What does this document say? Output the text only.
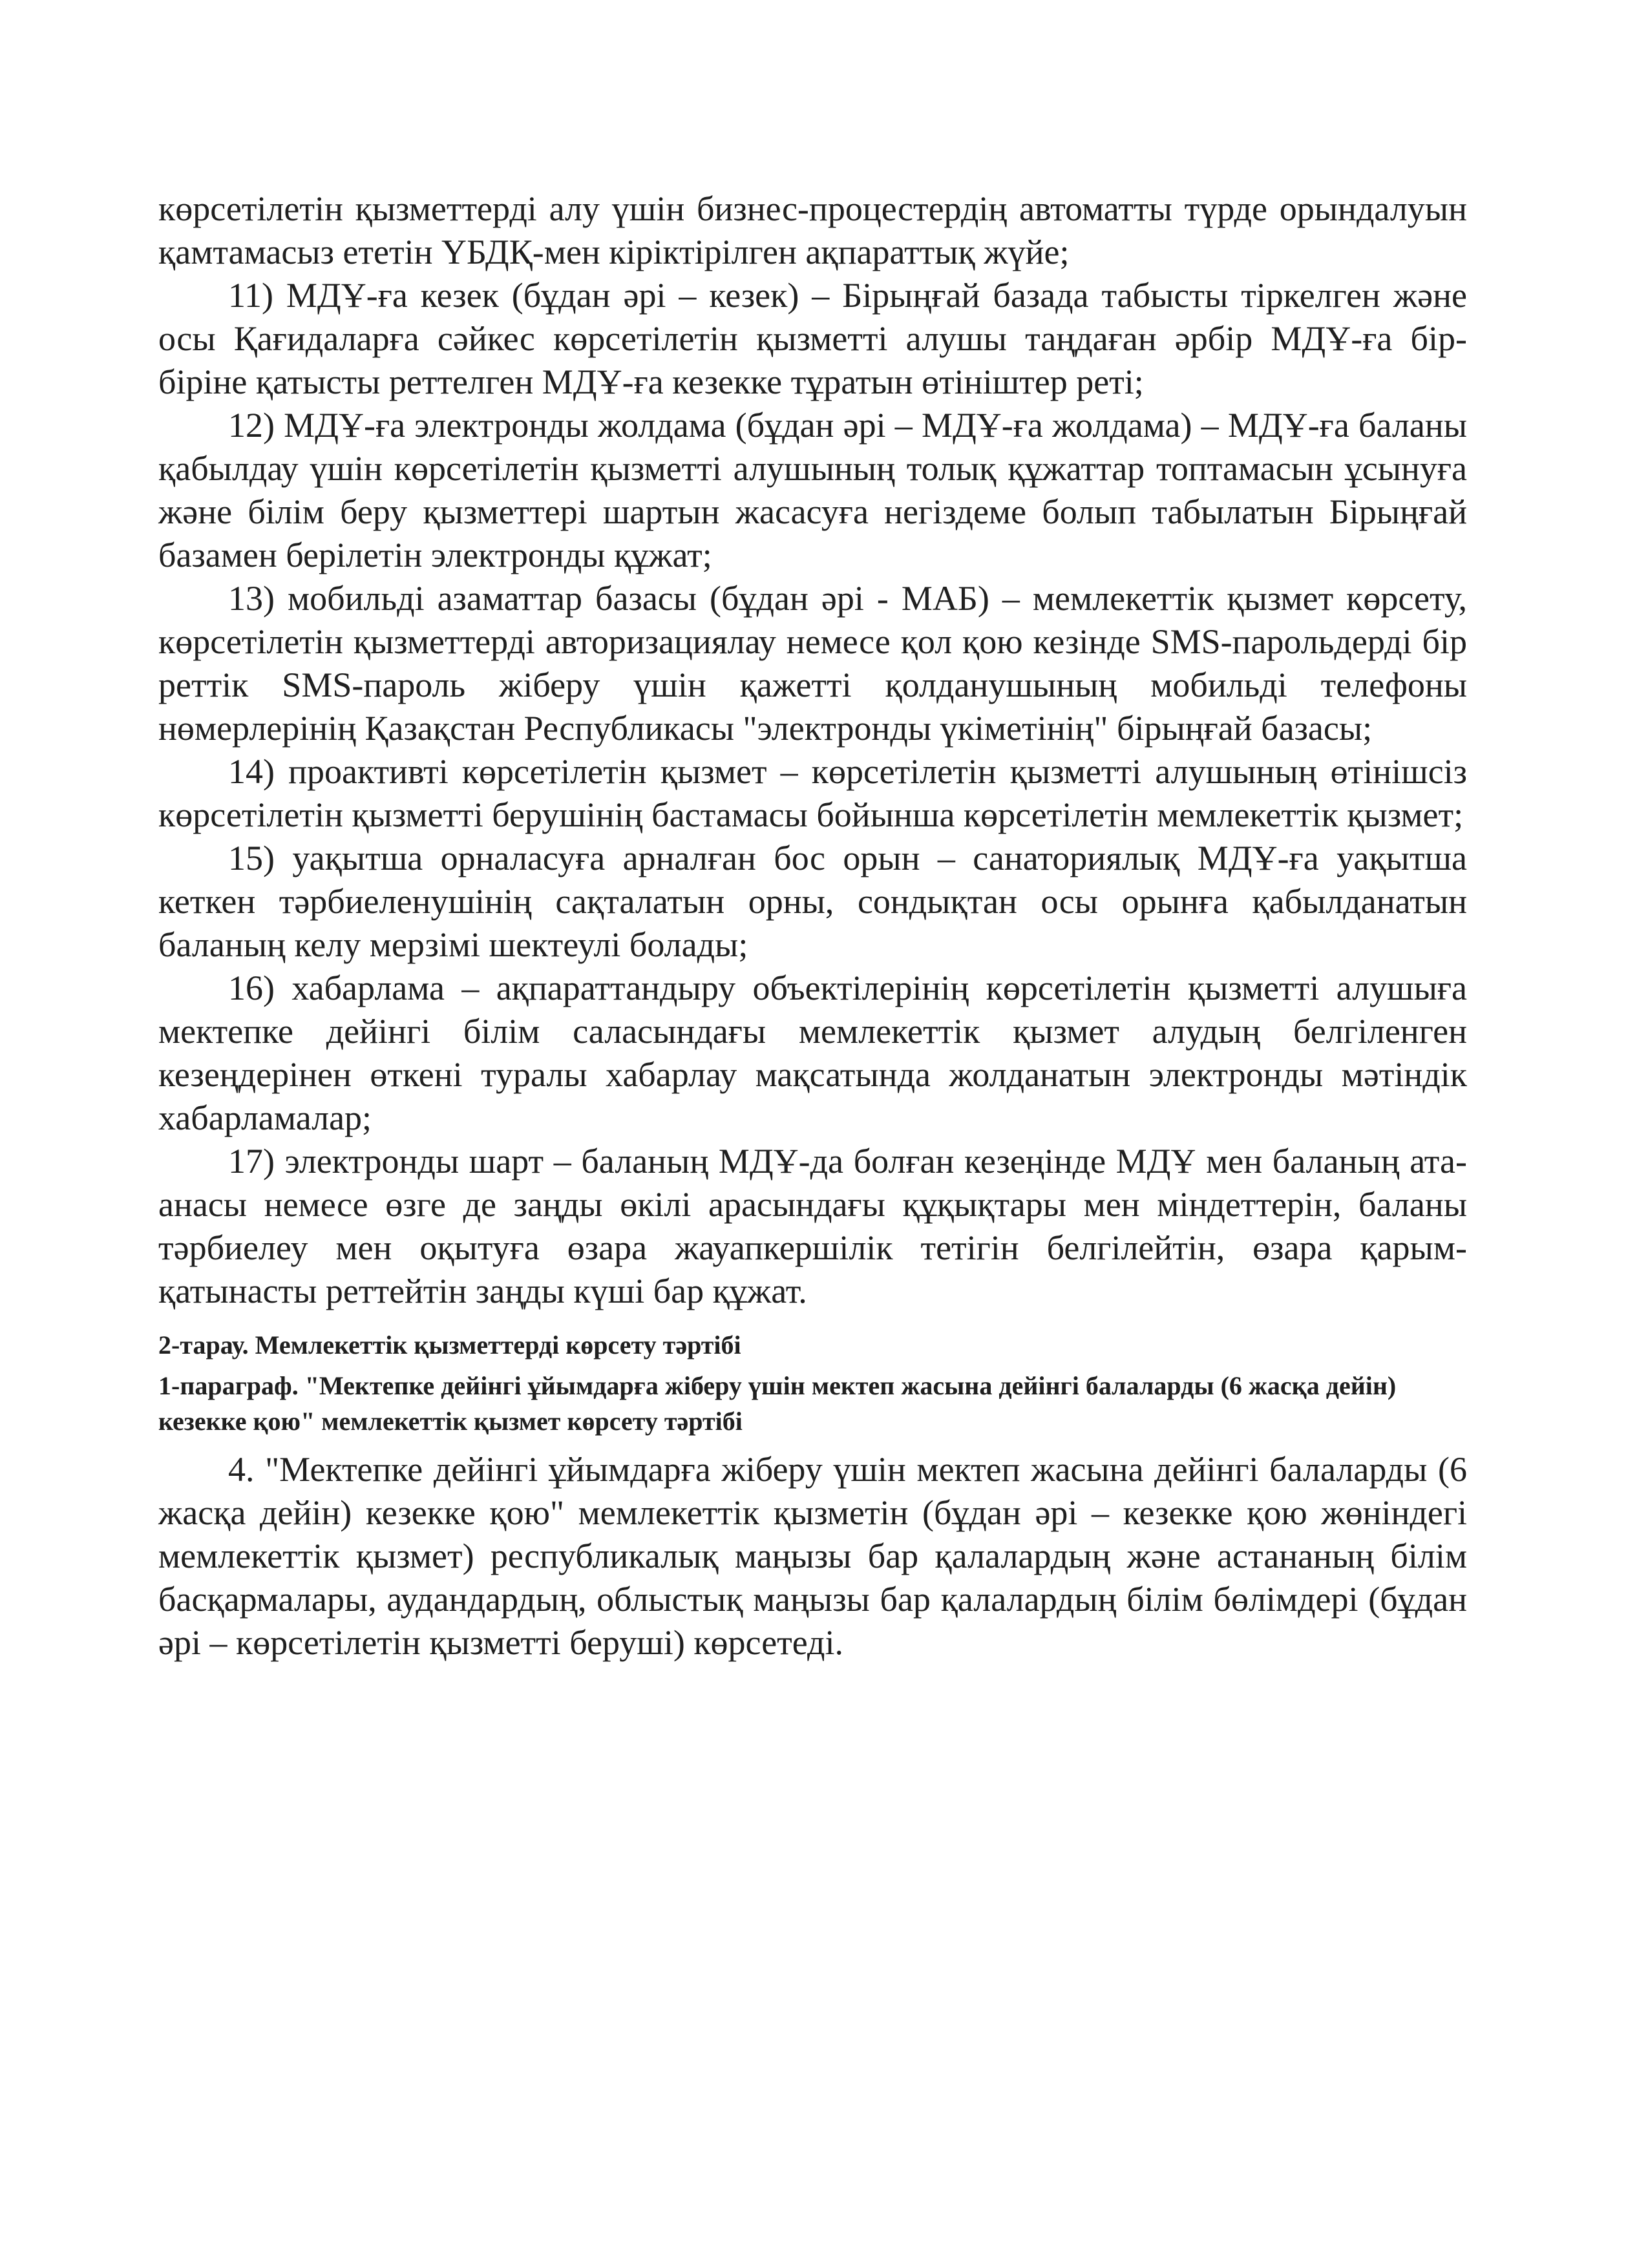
көрсетілетін қызметтерді алу үшін бизнес-процестердің автоматты түрде орындалуын қамтамасыз ететін ҮБДҚ-мен кіріктірілген ақпараттық жүйе;

11) МДҰ-ға кезек (бұдан әрі – кезек) – Бірыңғай базада табысты тіркелген және осы Қағидаларға сәйкес көрсетілетін қызметті алушы таңдаған әрбір МДҰ-ға бір-біріне қатысты реттелген МДҰ-ға кезекке тұратын өтініштер реті;

12) МДҰ-ға электронды жолдама (бұдан әрі – МДҰ-ға жолдама) – МДҰ-ға баланы қабылдау үшін көрсетілетін қызметті алушының толық құжаттар топтамасын ұсынуға және білім беру қызметтері шартын жасасуға негіздеме болып табылатын Бірыңғай базамен берілетін электронды құжат;

13) мобильді азаматтар базасы (бұдан әрі - МАБ) – мемлекеттік қызмет көрсету, көрсетілетін қызметтерді авторизациялау немесе қол қою кезінде SMS-парольдерді бір реттік SMS-пароль жіберу үшін қажетті қолданушының мобильді телефоны нөмерлерінің Қазақстан Республикасы "электронды үкіметінің" бірыңғай базасы;

14) проактивті көрсетілетін қызмет – көрсетілетін қызметті алушының өтінішсіз көрсетілетін қызметті берушінің бастамасы бойынша көрсетілетін мемлекеттік қызмет;

15) уақытша орналасуға арналған бос орын – санаториялық МДҰ-ға уақытша кеткен тәрбиеленушінің сақталатын орны, сондықтан осы орынға қабылданатын баланың келу мерзімі шектеулі болады;

16) хабарлама – ақпараттандыру объектілерінің көрсетілетін қызметті алушыға мектепке дейінгі білім саласындағы мемлекеттік қызмет алудың белгіленген кезеңдерінен өткені туралы хабарлау мақсатында жолданатын электронды мәтіндік хабарламалар;

17) электронды шарт – баланың МДҰ-да болған кезеңінде МДҰ мен баланың ата-анасы немесе өзге де заңды өкілі арасындағы құқықтары мен міндеттерін, баланы тәрбиелеу мен оқытуға өзара жауапкершілік тетігін белгілейтін, өзара қарым-қатынасты реттейтін заңды күші бар құжат.

2-тарау. Мемлекеттік қызметтерді көрсету тәртібі

1-параграф. "Мектепке дейінгі ұйымдарға жіберу үшін мектеп жасына дейінгі балаларды (6 жасқа дейін) кезекке қою" мемлекеттік қызмет көрсету тәртібі

4. "Мектепке дейінгі ұйымдарға жіберу үшін мектеп жасына дейінгі балаларды (6 жасқа дейін) кезекке қою" мемлекеттік қызметін (бұдан әрі – кезекке қою жөніндегі мемлекеттік қызмет) республикалық маңызы бар қалалардың және астананың білім басқармалары, аудандардың, облыстық маңызы бар қалалардың білім бөлімдері (бұдан әрі – көрсетілетін қызметті беруші) көрсетеді.
